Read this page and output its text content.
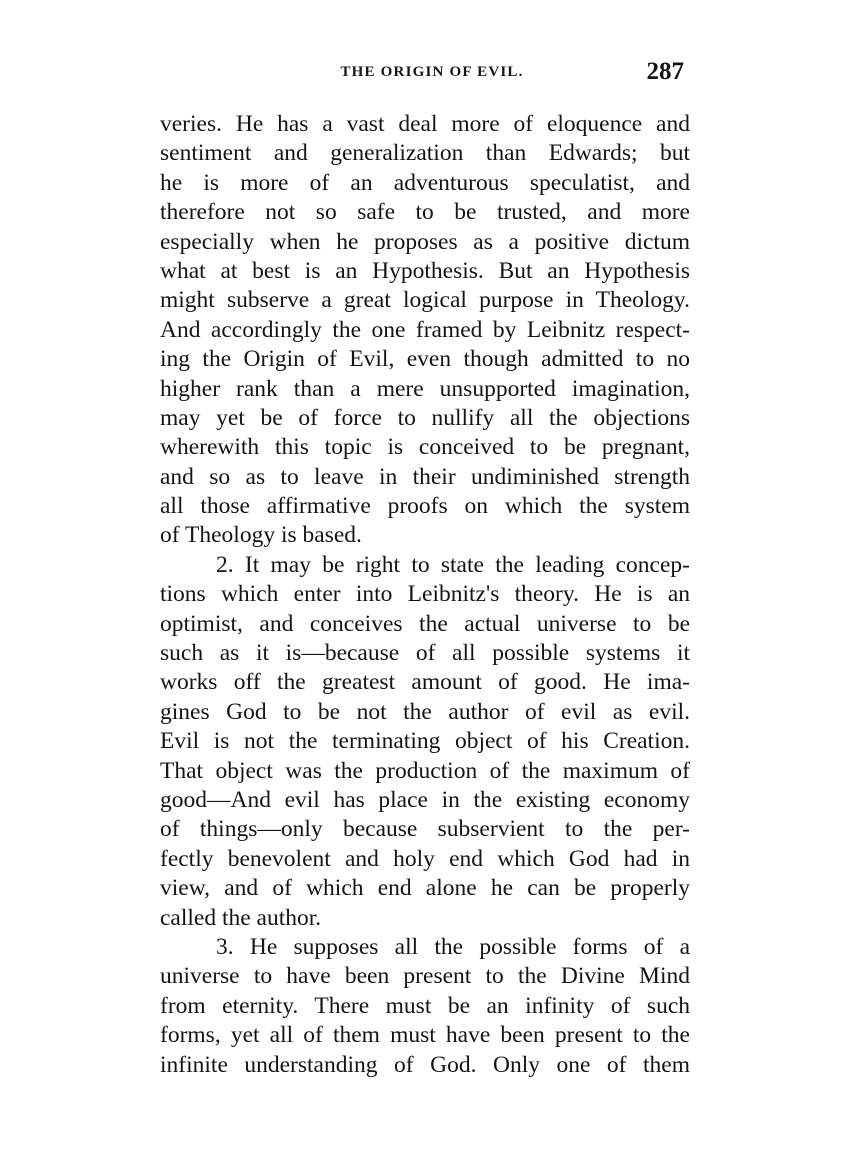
THE ORIGIN OF EVIL.	287
veries. He has a vast deal more of eloquence and
sentiment and generalization than Edwards; but
he is more of an adventurous speculatist, and
therefore not so safe to be trusted, and more
especially when he proposes as a positive dictum
what at best is an Hypothesis. But an Hypothesis
might subserve a great logical purpose in Theology.
And accordingly the one framed by Leibnitz respect-
ing the Origin of Evil, even though admitted to no
higher rank than a mere unsupported imagination,
may yet be of force to nullify all the objections
wherewith this topic is conceived to be pregnant,
and so as to leave in their undiminished strength
all those affirmative proofs on which the system
of Theology is based.
2. It may be right to state the leading concep-
tions which enter into Leibnitz's theory. He is an
optimist, and conceives the actual universe to be
such as it is—because of all possible systems it
works off the greatest amount of good. He ima-
gines God to be not the author of evil as evil.
Evil is not the terminating object of his Creation.
That object was the production of the maximum of
good—And evil has place in the existing economy
of things—only because subservient to the per-
fectly benevolent and holy end which God had in
view, and of which end alone he can be properly
called the author.
3. He supposes all the possible forms of a
universe to have been present to the Divine Mind
from eternity. There must be an infinity of such
forms, yet all of them must have been present to the
infinite understanding of God. Only one of them
